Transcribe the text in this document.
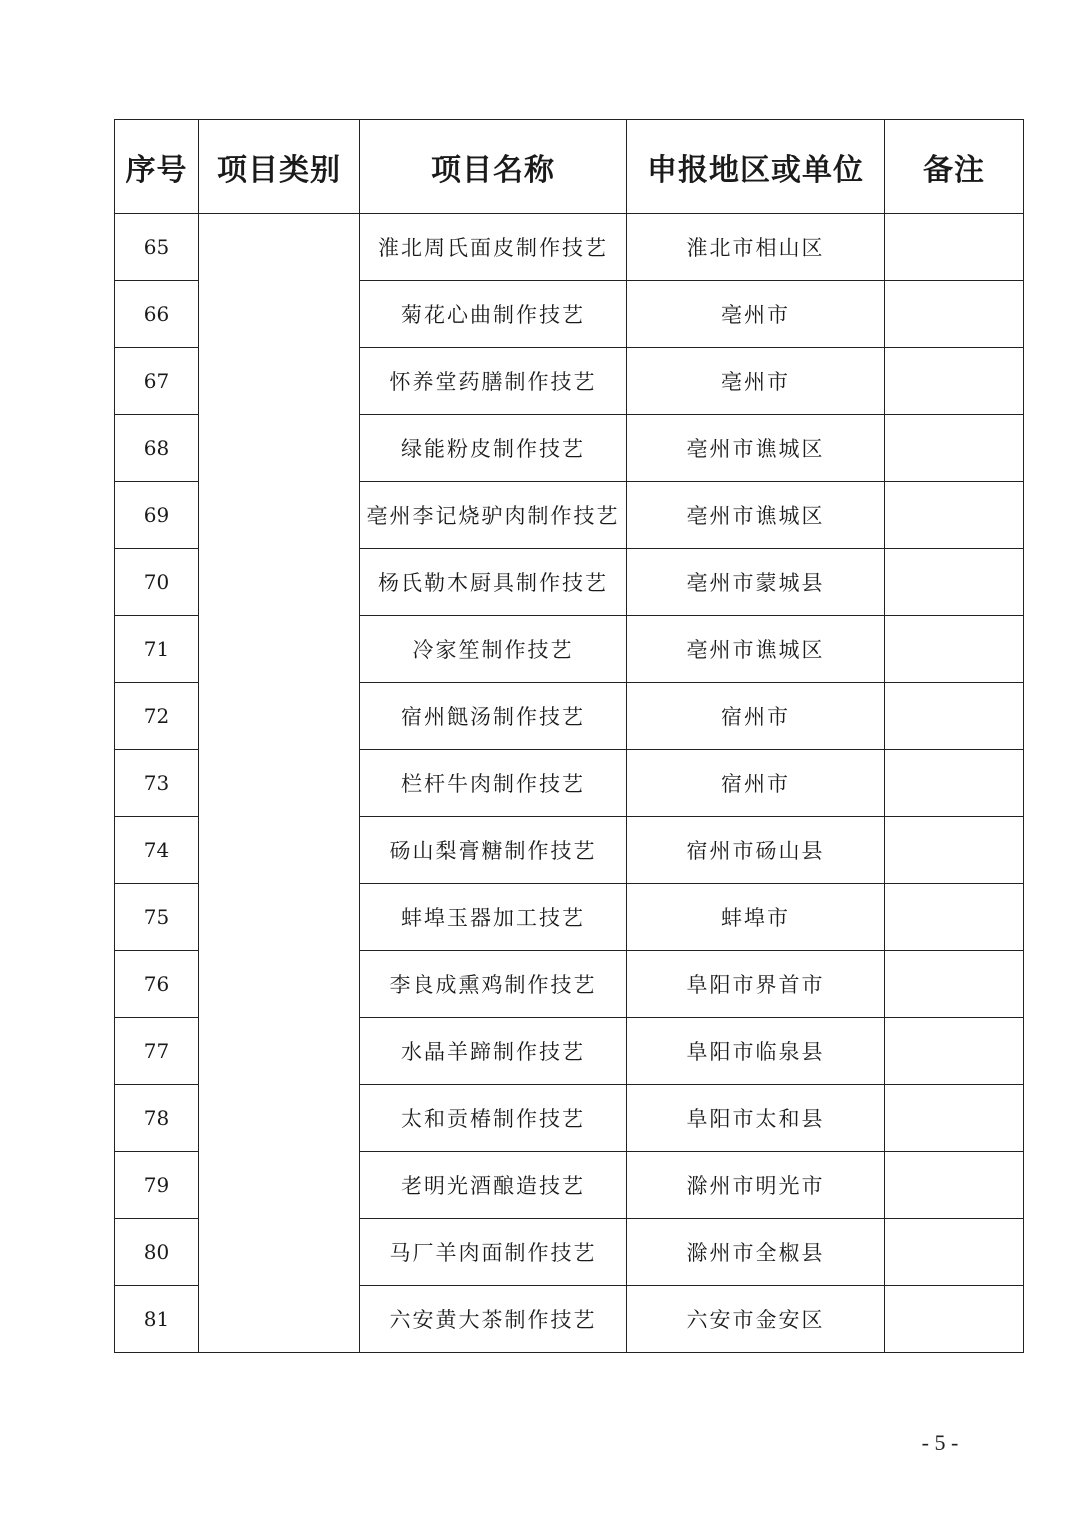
序号	项目类别	项目名称	申报地区或单位	备注
65		淮北周氏面皮制作技艺	淮北市相山区	
66		菊花心曲制作技艺	亳州市	
67		怀养堂药膳制作技艺	亳州市	
68		绿能粉皮制作技艺	亳州市谯城区	
69		亳州李记烧驴肉制作技艺	亳州市谯城区	
70		杨氏勒木厨具制作技艺	亳州市蒙城县	
71		冷家笙制作技艺	亳州市谯城区	
72		宿州䭀汤制作技艺	宿州市	
73		栏杆牛肉制作技艺	宿州市	
74		砀山梨膏糖制作技艺	宿州市砀山县	
75		蚌埠玉器加工技艺	蚌埠市	
76		李良成熏鸡制作技艺	阜阳市界首市	
77		水晶羊蹄制作技艺	阜阳市临泉县	
78		太和贡椿制作技艺	阜阳市太和县	
79		老明光酒酿造技艺	滁州市明光市	
80		马厂羊肉面制作技艺	滁州市全椒县	
81		六安黄大茶制作技艺	六安市金安区	
- 5 -
